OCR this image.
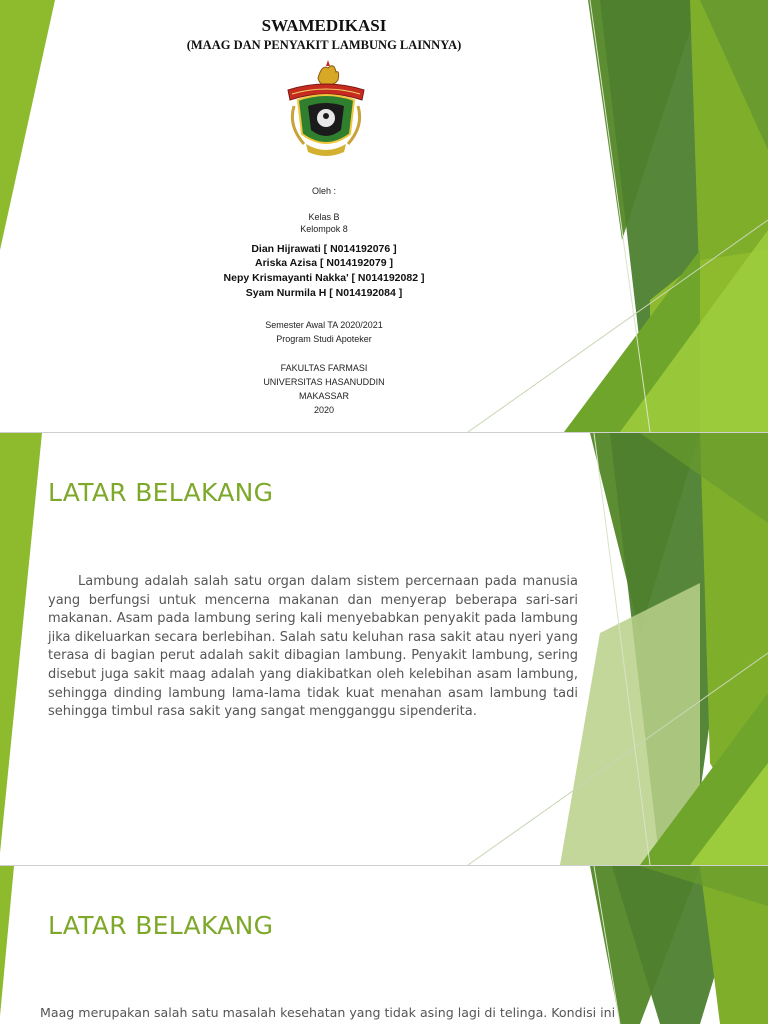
SWAMEDIKASI
(MAAG DAN PENYAKIT LAMBUNG LAINNYA)
Oleh :
Kelas B
Kelompok 8
Dian Hijrawati [ N014192076 ]
Ariska Azisa [ N014192079 ]
Nepy Krismayanti Nakka' [ N014192082 ]
Syam Nurmila H [ N014192084 ]
Semester Awal TA 2020/2021
Program Studi Apoteker
FAKULTAS FARMASI
UNIVERSITAS HASANUDDIN
MAKASSAR
2020
LATAR BELAKANG

Lambung adalah salah satu organ dalam sistem percernaan pada manusia yang berfungsi untuk mencerna makanan dan menyerap beberapa sari-sari makanan. Asam pada lambung sering kali menyebabkan penyakit pada lambung jika dikeluarkan secara berlebihan. Salah satu keluhan rasa sakit atau nyeri yang terasa di bagian perut adalah sakit dibagian lambung. Penyakit lambung, sering disebut juga sakit maag adalah yang diakibatkan oleh kelebihan asam lambung, sehingga dinding lambung lama-lama tidak kuat menahan asam lambung tadi sehingga timbul rasa sakit yang sangat mengganggu sipenderita.

LATAR BELAKANG

Maag merupakan salah satu masalah kesehatan yang tidak asing lagi di telinga. Kondisi ini
